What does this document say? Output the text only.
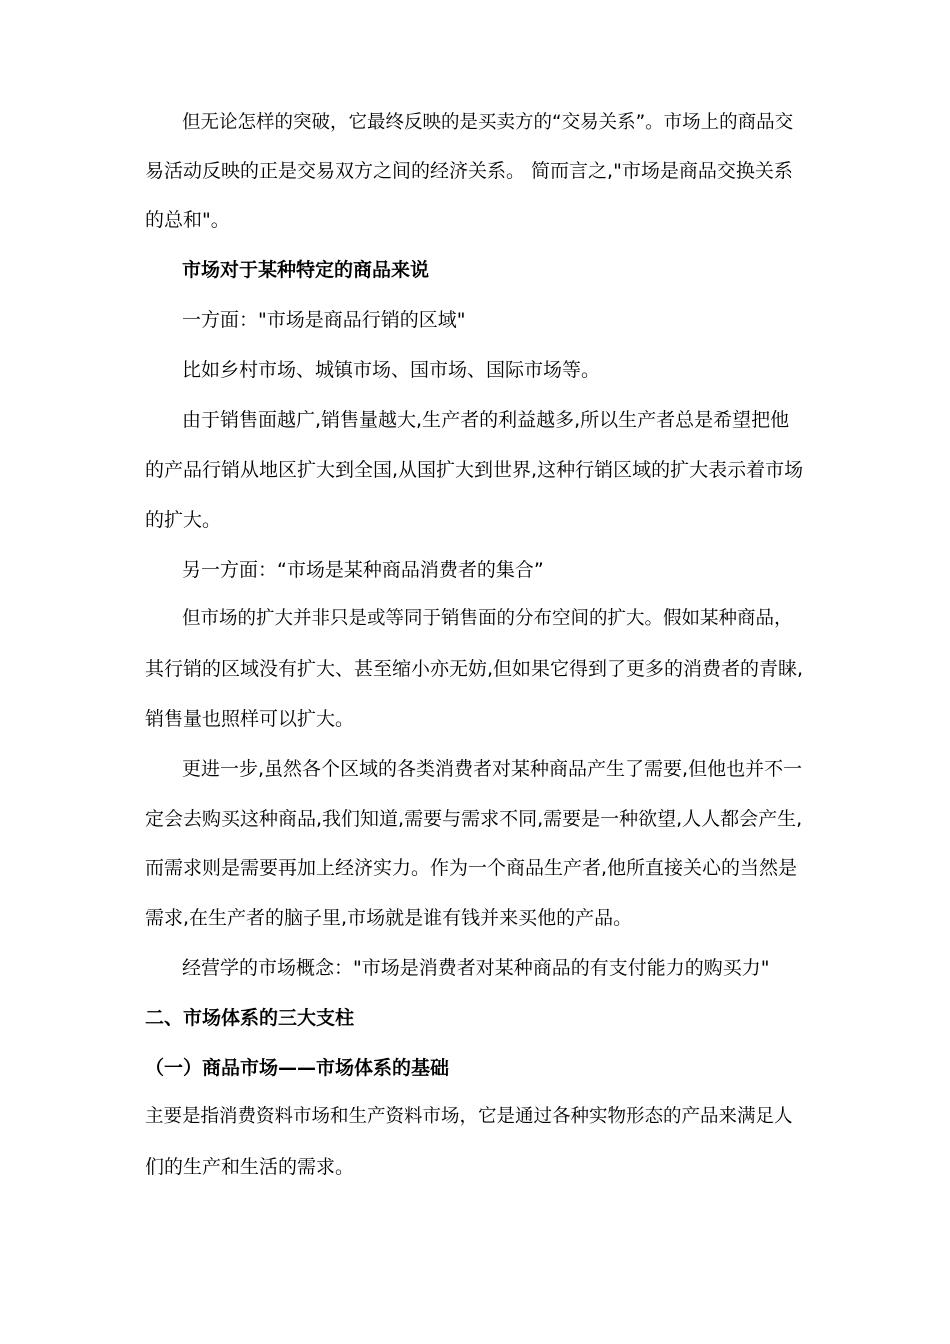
但无论怎样的突破，它最终反映的是买卖方的“交易关系”。市场上的商品交
易活动反映的正是交易双方之间的经济关系。 简而言之,"市场是商品交换关系
的总和"。
市场对于某种特定的商品来说
一方面："市场是商品行销的区域"
比如乡村市场、城镇市场、国市场、国际市场等。
由于销售面越广,销售量越大,生产者的利益越多,所以生产者总是希望把他
的产品行销从地区扩大到全国,从国扩大到世界,这种行销区域的扩大表示着市场
的扩大。
另一方面：“市场是某种商品消费者的集合”
但市场的扩大并非只是或等同于销售面的分布空间的扩大。假如某种商品，
其行销的区域没有扩大、甚至缩小亦无妨,但如果它得到了更多的消费者的青睐,
销售量也照样可以扩大。
更进一步,虽然各个区域的各类消费者对某种商品产生了需要,但他也并不一
定会去购买这种商品,我们知道,需要与需求不同,需要是一种欲望,人人都会产生,
而需求则是需要再加上经济实力。作为一个商品生产者,他所直接关心的当然是
需求,在生产者的脑子里,市场就是谁有钱并来买他的产品。
经营学的市场概念："市场是消费者对某种商品的有支付能力的购买力"
二、市场体系的三大支柱
（一）商品市场——市场体系的基础
主要是指消费资料市场和生产资料市场，它是通过各种实物形态的产品来满足人
们的生产和生活的需求。
